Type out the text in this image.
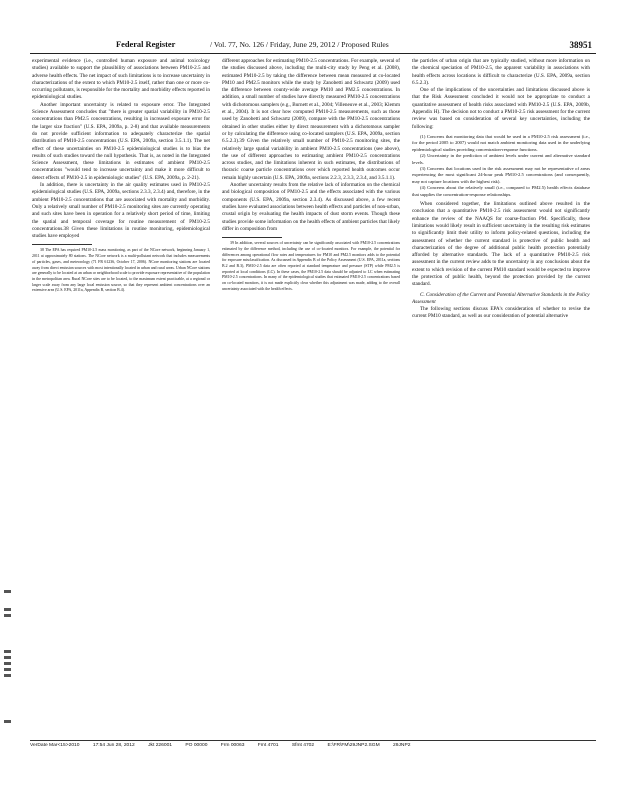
Federal Register	/ Vol. 77, No. 126 / Friday, June 29, 2012 / Proposed Rules	38951

experimental evidence (i.e., controlled human exposure and animal toxicology studies) available to support the plausibility of associations between PM10-2.5 and adverse health effects. The net impact of such limitations is to increase uncertainty in characterizations of the extent to which PM10-2.5 itself, rather than one or more co-occurring pollutants, is responsible for the mortality and morbidity effects reported in epidemiological studies.

Another important uncertainty is related to exposure error. The Integrated Science Assessment concludes that "there is greater spatial variability in PM10-2.5 concentrations than PM2.5 concentrations, resulting in increased exposure error for the larger size fraction" (U.S. EPA, 2009a, p. 2-8) and that available measurements do not provide sufficient information to adequately characterize the spatial distribution of PM10-2.5 concentrations (U.S. EPA, 2009a, section 3.5.1.1). The net effect of these uncertainties on PM10-2.5 epidemiological studies is to bias the results of such studies toward the null hypothesis. That is, as noted in the Integrated Science Assessment, these limitations in estimates of ambient PM10-2.5 concentrations "would tend to increase uncertainty and make it more difficult to detect effects of PM10-2.5 in epidemiologic studies" (U.S. EPA, 2009a, p. 2-21).

In addition, there is uncertainty in the air quality estimates used in PM10-2.5 epidemiological studies (U.S. EPA, 2009a, sections 2.3.3, 2.3.4) and, therefore, in the ambient PM10-2.5 concentrations that are associated with mortality and morbidity. Only a relatively small number of PM10-2.5 monitoring sites are currently operating and such sites have been in operation for a relatively short period of time, limiting the spatial and temporal coverage for routine measurement of PM10-2.5 concentrations.38 Given these limitations in routine monitoring, epidemiological studies have employed

38 The EPA has required PM10-2.5 mass monitoring, as part of the NCore network, beginning January 1, 2011 at approximately 80 stations. The NCore network is a multi-pollutant network that includes measurements of particles, gases, and meteorology (71 FR 61236, October 17, 2006). NCore monitoring stations are located away from direct emission sources with most intentionally located in urban and rural areas. Urban NCore stations are generally to be located at an urban or neighborhood scale to provide exposure representative of the population in the metropolitan area. Rural NCore sites are to be located, to the maximum extent practicable, at a regional or larger scale away from any large local emission source, so that they represent ambient concentrations over an extensive area (U.S. EPA, 2011a, Appendix B, section B.4).

different approaches for estimating PM10-2.5 concentrations. For example, several of the studies discussed above, including the multi-city study by Peng et al. (2008), estimated PM10-2.5 by taking the difference between mean measured at co-located PM10 and PM2.5 monitors while the study by Zanobetti and Schwartz (2009) used the difference between county-wide average PM10 and PM2.5 concentrations. In addition, a small number of studies have directly measured PM10-2.5 concentrations with dichotomous samplers (e.g., Burnett et al., 2004; Villeneuve et al., 2003; Klemm et al., 2004). It is not clear how computed PM10-2.5 measurements, such as those used by Zanobetti and Schwartz (2009), compare with the PM10-2.5 concentrations obtained in other studies either by direct measurement with a dichotomous sampler or by calculating the difference using co-located samplers (U.S. EPA, 2009a, section 6.5.2.3).39 Given the relatively small number of PM10-2.5 monitoring sites, the relatively large spatial variability in ambient PM10-2.5 concentrations (see above), the use of different approaches to estimating ambient PM10-2.5 concentrations across studies, and the limitations inherent in such estimates, the distributions of thoracic coarse particle concentrations over which reported health outcomes occur remain highly uncertain (U.S. EPA, 2009a, sections 2.2.3, 2.3.3, 2.3.4, and 3.5.1.1).

Another uncertainty results from the relative lack of information on the chemical and biological composition of PM10-2.5 and the effects associated with the various components (U.S. EPA, 2009a, section 2.3.4). As discussed above, a few recent studies have evaluated associations between health effects and particles of non-urban, crustal origin by evaluating the health impacts of dust storm events. Though these studies provide some information on the health effects of ambient particles that likely differ in composition from

39 In addition, several sources of uncertainty can be significantly associated with PM10-2.5 concentrations estimated by the difference method, including the use of co-located monitors. For example, the potential for differences among operational flow rates and temperatures for PM10 and PM2.5 monitors adds to the potential for exposure misclassification. As discussed in Appendix B of the Policy Assessment (U.S. EPA, 2011a, sections B.2 and B.3), PM10-2.5 data are often reported at standard temperature and pressure (STP) while PM2.5 is reported at local conditions (LC). In these cases, the PM10-2.5 data should be adjusted to LC when estimating PM10-2.5 concentrations. In many of the epidemiological studies that estimated PM10-2.5 concentrations based on co-located monitors, it is not made explicitly clear whether this adjustment was made, adding to the overall uncertainty associated with the health effects.

the particles of urban origin that are typically studied, without more information on the chemical speciation of PM10-2.5, the apparent variability in associations with health effects across locations is difficult to characterize (U.S. EPA, 2009a, section 6.5.2.3).

One of the implications of the uncertainties and limitations discussed above is that the Risk Assessment concluded it would not be appropriate to conduct a quantitative assessment of health risks associated with PM10-2.5 (U.S. EPA, 2009b, Appendix H). The decision not to conduct a PM10-2.5 risk assessment for the current review was based on consideration of several key uncertainties, including the following:

(1) Concerns that monitoring data that would be used in a PM10-2.5 risk assessment (i.e., for the period 2005 to 2007) would not match ambient monitoring data used in the underlying epidemiological studies providing concentration-response functions.

(2) Uncertainty in the prediction of ambient levels under current and alternative standard levels.

(3) Concerns that locations used in the risk assessment may not be representative of areas experiencing the most significant 24-hour peak PM10-2.5 concentrations (and consequently, may not capture locations with the highest risk).

(4) Concerns about the relatively small (i.e., compared to PM2.5) health effects database that supplies the concentration-response relationships.

When considered together, the limitations outlined above resulted in the conclusion that a quantitative PM10-2.5 risk assessment would not significantly enhance the review of the NAAQS for coarse-fraction PM. Specifically, these limitations would likely result in sufficient uncertainty in the resulting risk estimates to significantly limit their utility to inform policy-related questions, including the assessment of whether the current standard is protective of public health and characterization of the degree of additional public health protection potentially afforded by alternative standards. The lack of a quantitative PM10-2.5 risk assessment in the current review adds to the uncertainty in any conclusions about the extent to which revision of the current PM10 standard would be expected to improve the protection of public health, beyond the protection provided by the current standard.

C. Consideration of the Current and Potential Alternative Standards in the Policy Assessment

The following sections discuss EPA's consideration of whether to revise the current PM10 standard, as well as our consideration of potential alternative

VerDate Mar<15>2010	17:54 Jun 28, 2012	Jkt 226001	PO 00000	Frm 00063	Fmt 4701	Sfmt 4702	E:\FR\FM\29JNP2.SGM	29JNP2
